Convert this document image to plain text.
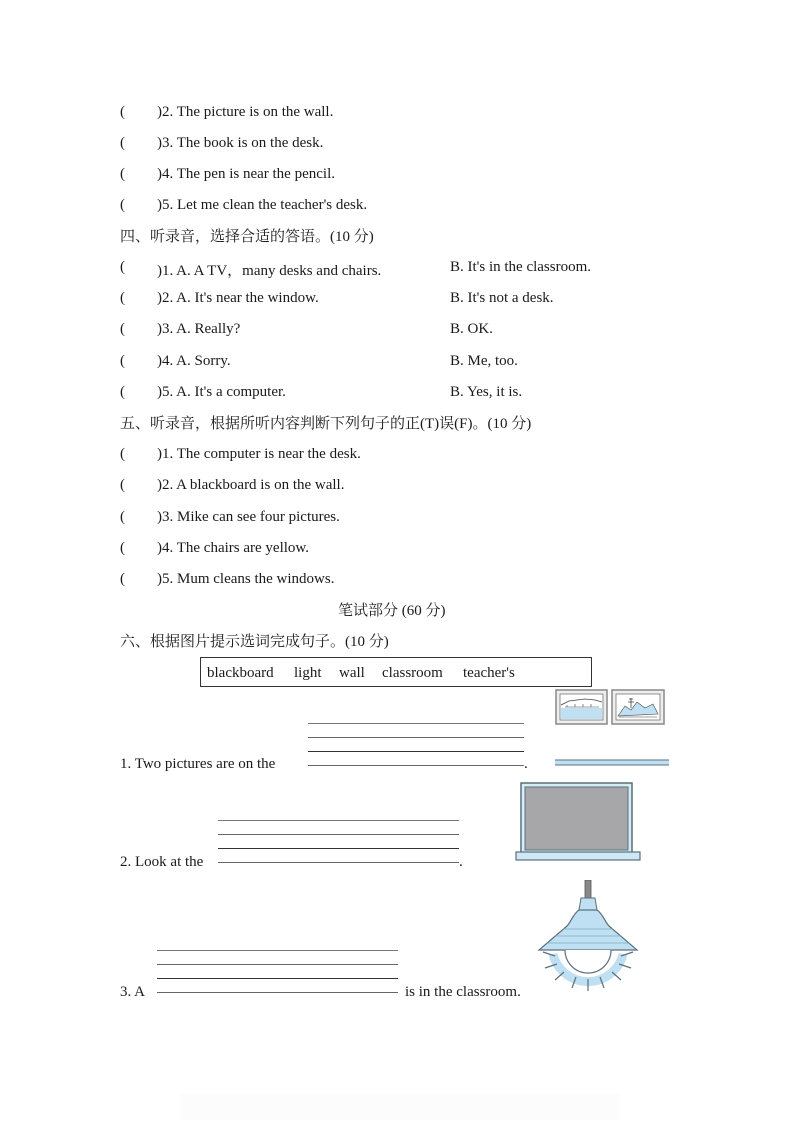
( )2. The picture is on the wall.
( )3. The book is on the desk.
( )4. The pen is near the pencil.
( )5. Let me clean the teacher's desk.
四、听录音，选择合适的答语。(10 分)
( )1. A. A TV，many desks and chairs.	B. It's in the classroom.
( )2. A. It's near the window.	B. It's not a desk.
( )3. A. Really?	B. OK.
( )4. A. Sorry.	B. Me, too.
( )5. A. It's a computer.	B. Yes, it is.
五、听录音，根据所听内容判断下列句子的正(T)误(F)。(10 分)
( )1. The computer is near the desk.
( )2. A blackboard is on the wall.
( )3. Mike can see four pictures.
( )4. The chairs are yellow.
( )5. Mum cleans the windows.
笔试部分 (60 分)
六、根据图片提示选词完成句子。(10 分)
blackboard light wall classroom teacher's
1. Two pictures are on the	.
2. Look at the	.
3. A	is in the classroom.
